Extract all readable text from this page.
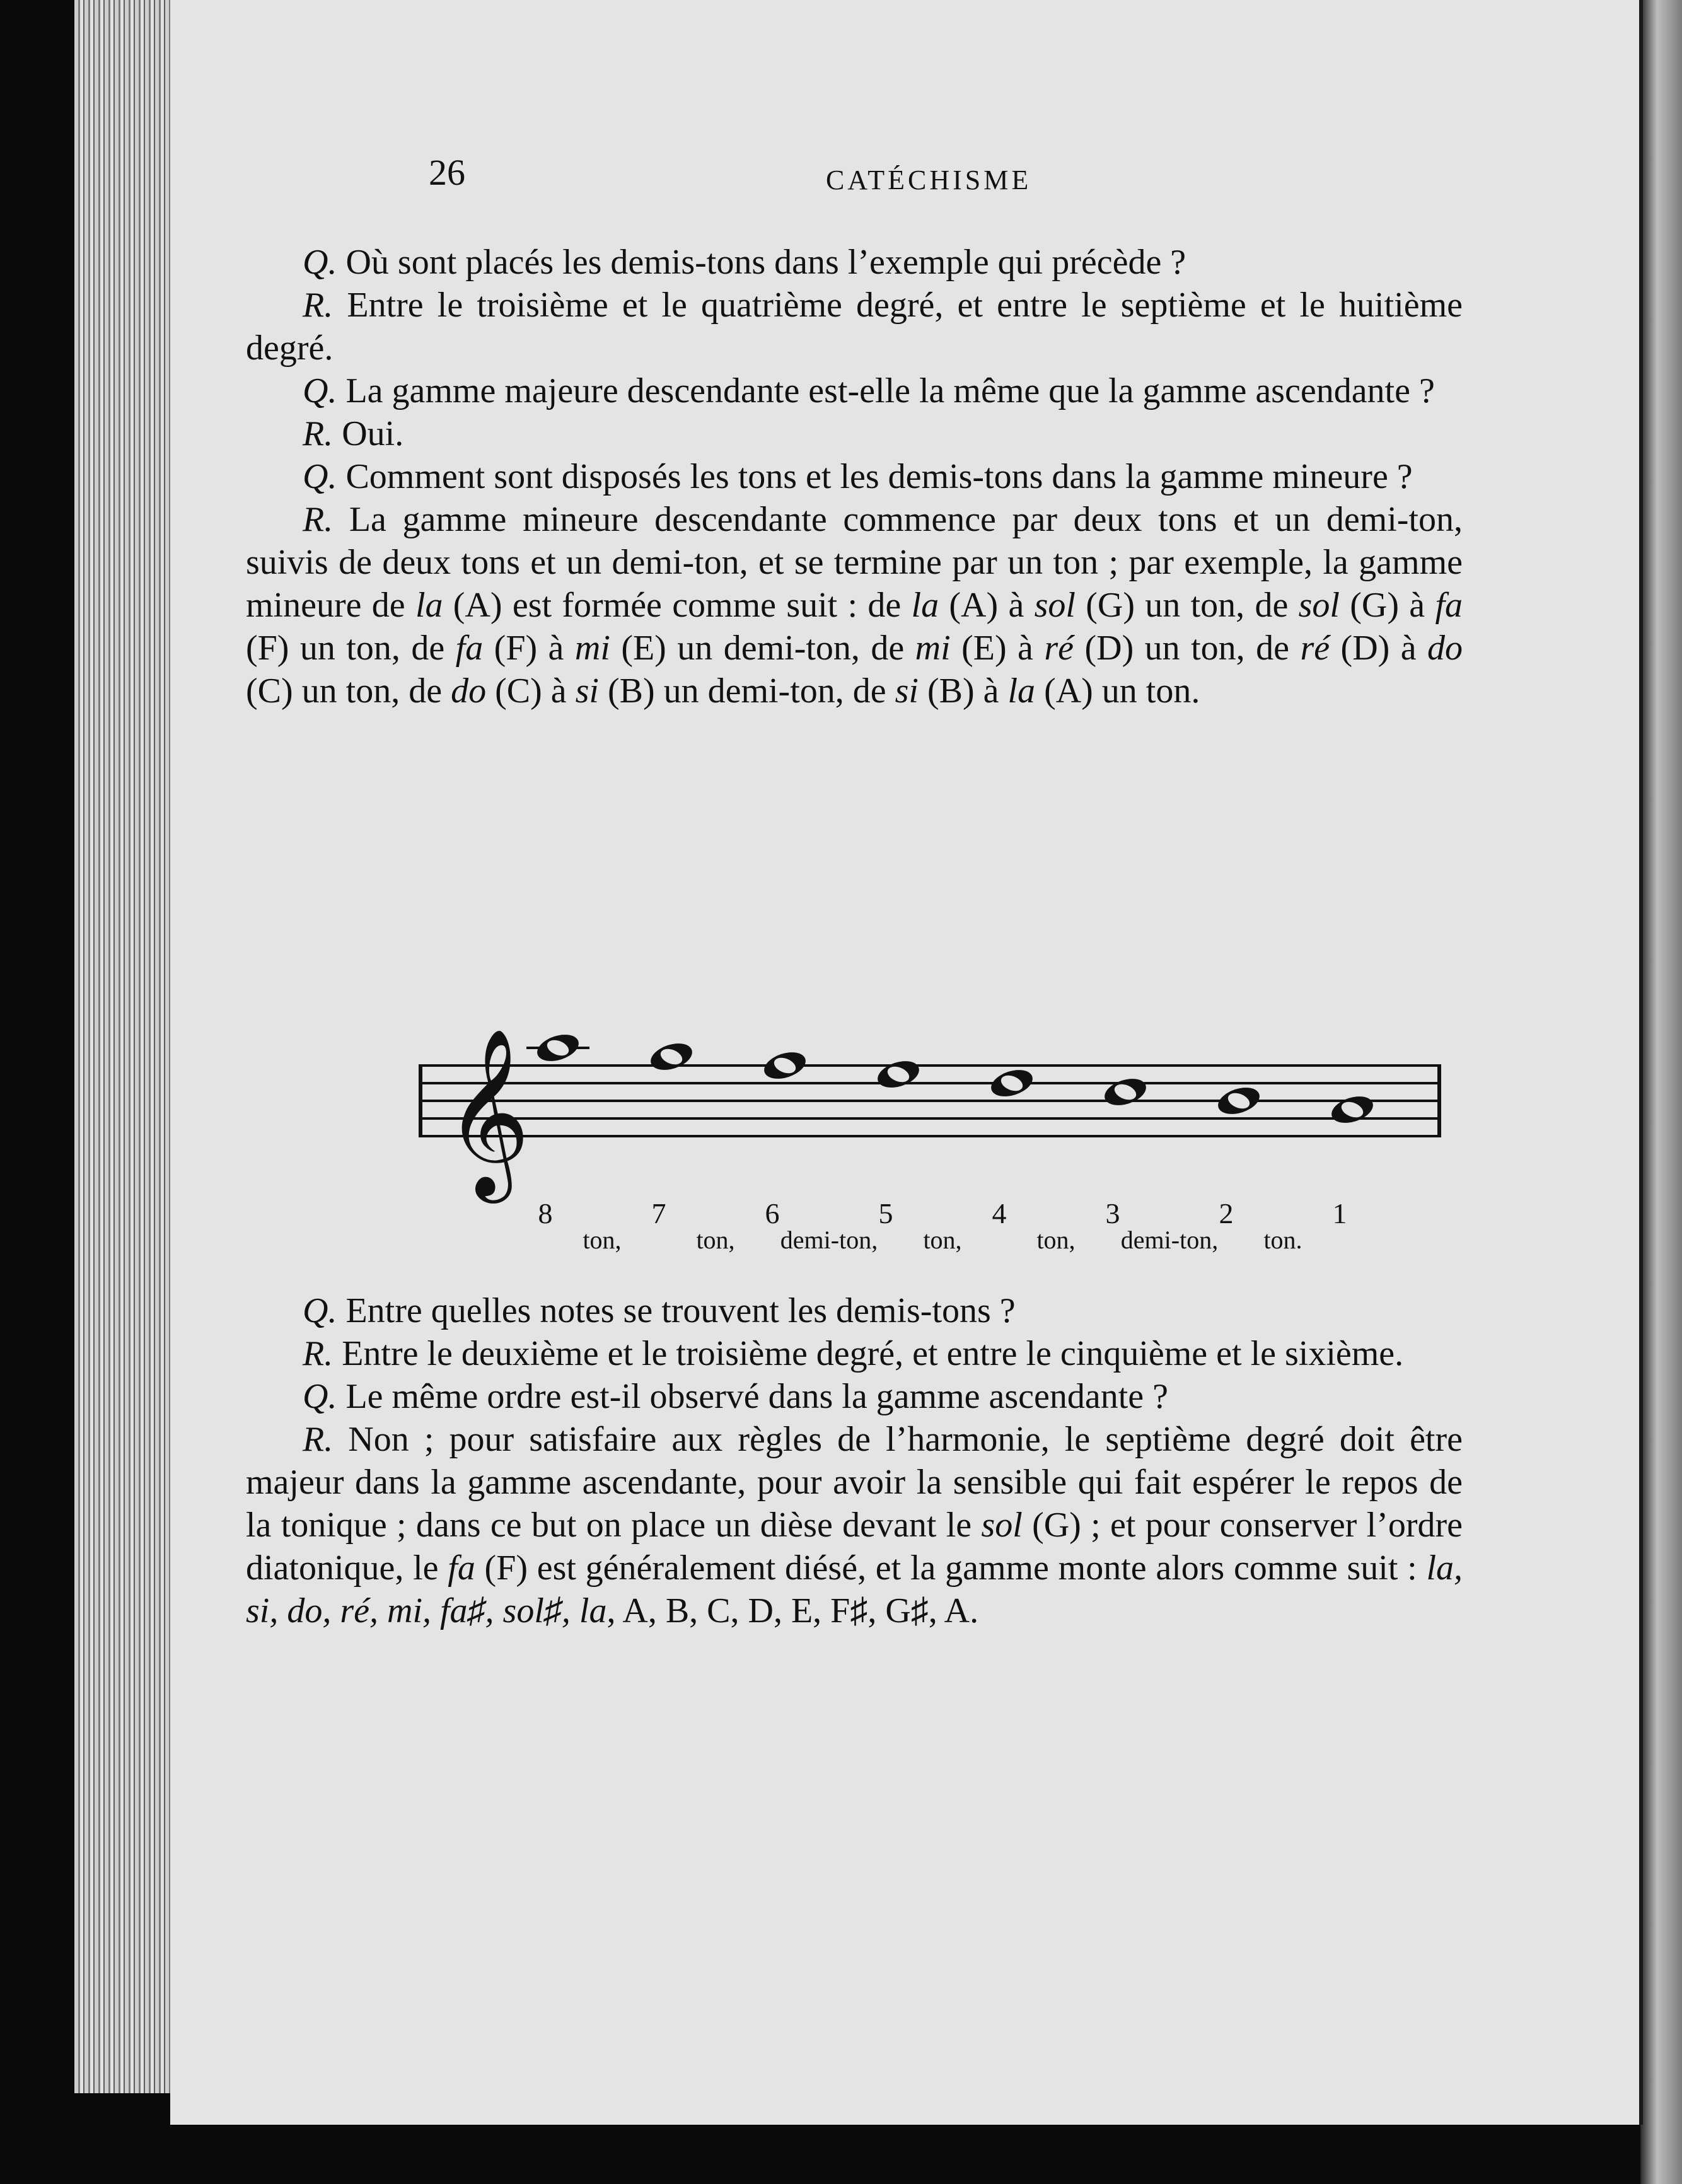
26	CATÉCHISME

Q. Où sont placés les demis-tons dans l’exemple qui précède ?

R. Entre le troisième et le quatrième degré, et entre le septième et le huitième degré.

Q. La gamme majeure descendante est-elle la même que la gamme ascendante ?

R. Oui.

Q. Comment sont disposés les tons et les demis-tons dans la gamme mineure ?

R. La gamme mineure descendante commence par deux tons et un demi-ton, suivis de deux tons et un demi-ton, et se termine par un ton ; par exemple, la gamme mineure de la (A) est formée comme suit : de la (A) à sol (G) un ton, de sol (G) à fa (F) un ton, de fa (F) à mi (E) un demi-ton, de mi (E) à ré (D) un ton, de ré (D) à do (C) un ton, de do (C) à si (B) un demi-ton, de si (B) à la (A) un ton.

𝄞
8	7	6	5	4	3	2	1
ton,	ton, demi-ton, ton,	ton, demi-ton, ton.

Q. Entre quelles notes se trouvent les demis-tons ?

R. Entre le deuxième et le troisième degré, et entre le cinquième et le sixième.

Q. Le même ordre est-il observé dans la gamme ascendante ?

R. Non ; pour satisfaire aux règles de l’harmonie, le septième degré doit être majeur dans la gamme ascendante, pour avoir la sensible qui fait espérer le repos de la tonique ; dans ce but on place un dièse devant le sol (G) ; et pour conserver l’ordre diatonique, le fa (F) est généralement diésé, et la gamme monte alors comme suit : la, si, do, ré, mi, fa♯, sol♯, la, A, B, C, D, E, F♯, G♯, A.
